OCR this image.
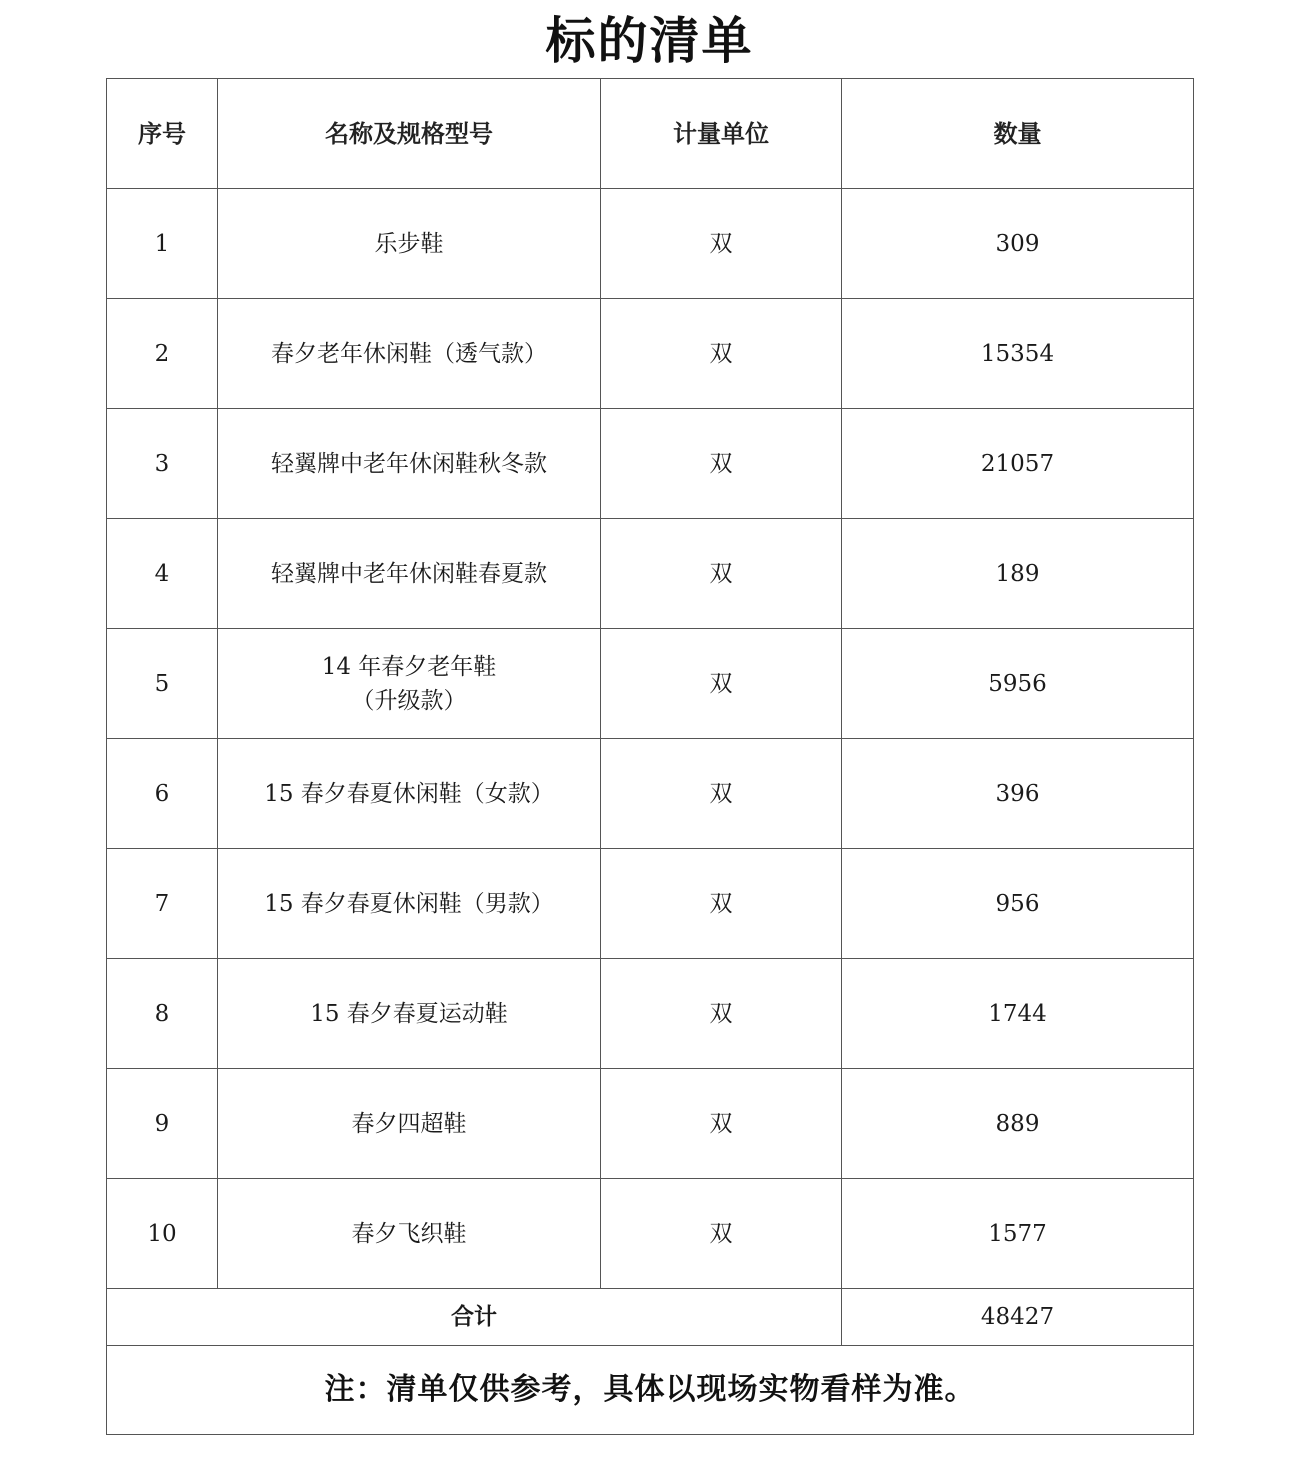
标的清单
序号	名称及规格型号	计量单位	数量
1	乐步鞋	双	309
2	春夕老年休闲鞋（透气款）	双	15354
3	轻翼牌中老年休闲鞋秋冬款	双	21057
4	轻翼牌中老年休闲鞋春夏款	双	189
5	14 年春夕老年鞋
（升级款）	双	5956
6	15 春夕春夏休闲鞋（女款）	双	396
7	15 春夕春夏休闲鞋（男款）	双	956
8	15 春夕春夏运动鞋	双	1744
9	春夕四超鞋	双	889
10	春夕飞织鞋	双	1577
合计			48427
注：清单仅供参考，具体以现场实物看样为准。			
